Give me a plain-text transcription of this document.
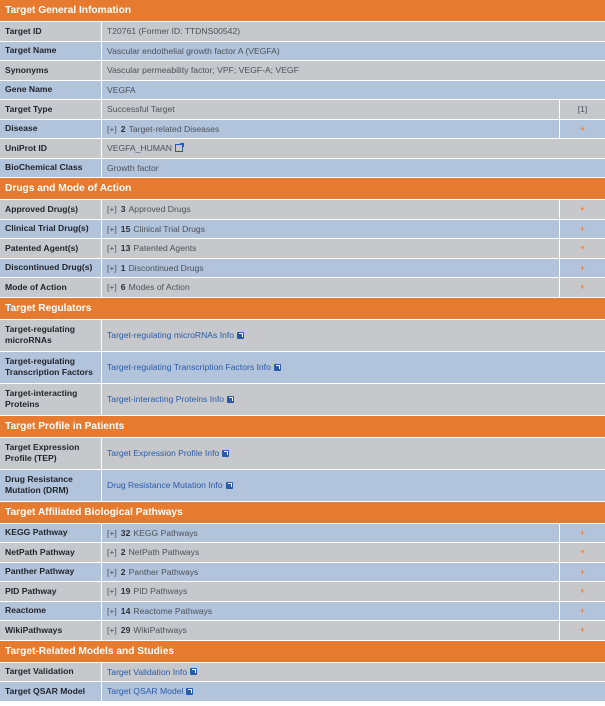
Target General Infomation
Target ID	T20761 (Former ID: TTDNS00542)
Target Name	Vascular endothelial growth factor A (VEGFA)
Synonyms	Vascular permeability factor; VPF; VEGF-A; VEGF
Gene Name	VEGFA
Target Type	Successful Target	[1]
Disease	[+] 2 Target-related Diseases	+
UniProt ID	VEGFA_HUMAN
BioChemical Class	Growth factor
Drugs and Mode of Action
Approved Drug(s)	[+] 3 Approved Drugs	+
Clinical Trial Drug(s)	[+] 15 Clinical Trial Drugs	+
Patented Agent(s)	[+] 13 Patented Agents	+
Discontinued Drug(s)	[+] 1 Discontinued Drugs	+
Mode of Action	[+] 6 Modes of Action	+
Target Regulators
Target-regulating microRNAs	Target-regulating microRNAs Info
Target-regulating Transcription Factors	Target-regulating Transcription Factors Info
Target-interacting Proteins	Target-interacting Proteins Info
Target Profile in Patients
Target Expression Profile (TEP)	Target Expression Profile Info
Drug Resistance Mutation (DRM)	Drug Resistance Mutation Info
Target Affiliated Biological Pathways
KEGG Pathway	[+] 32 KEGG Pathways	+
NetPath Pathway	[+] 2 NetPath Pathways	+
Panther Pathway	[+] 2 Panther Pathways	+
PID Pathway	[+] 19 PID Pathways	+
Reactome	[+] 14 Reactome Pathways	+
WikiPathways	[+] 29 WikiPathways	+
Target-Related Models and Studies
Target Validation	Target Validation Info
Target QSAR Model	Target QSAR Model
